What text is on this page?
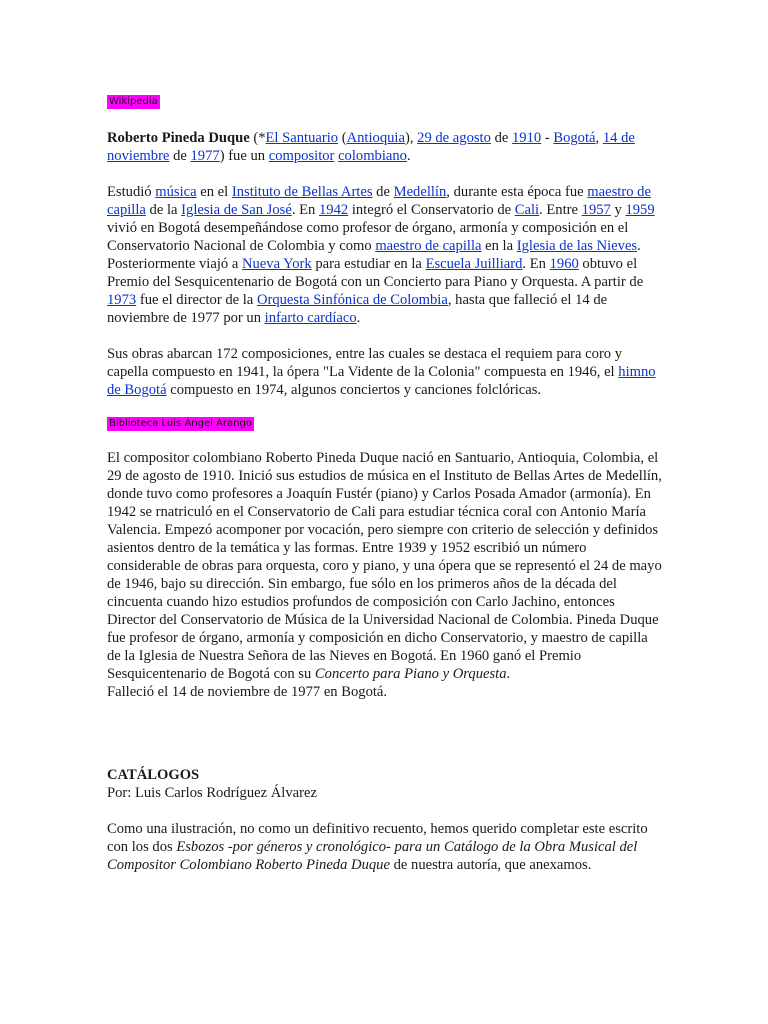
Wikipedia

Roberto Pineda Duque (*El Santuario (Antioquia), 29 de agosto de 1910 - Bogotá, 14 de noviembre de 1977) fue un compositor colombiano.

Estudió música en el Instituto de Bellas Artes de Medellín, durante esta época fue maestro de capilla de la Iglesia de San José. En 1942 integró el Conservatorio de Cali. Entre 1957 y 1959 vivió en Bogotá desempeñándose como profesor de órgano, armonía y composición en el Conservatorio Nacional de Colombia y como maestro de capilla en la Iglesia de las Nieves. Posteriormente viajó a Nueva York para estudiar en la Escuela Juilliard. En 1960 obtuvo el Premio del Sesquicentenario de Bogotá con un Concierto para Piano y Orquesta. A partir de 1973 fue el director de la Orquesta Sinfónica de Colombia, hasta que falleció el 14 de noviembre de 1977 por un infarto cardíaco.

Sus obras abarcan 172 composiciones, entre las cuales se destaca el requiem para coro y capella compuesto en 1941, la ópera "La Vidente de la Colonia" compuesta en 1946, el himno de Bogotá compuesto en 1974, algunos conciertos y canciones folclóricas.

Biblioteca Luis Ángel Arango

El compositor colombiano Roberto Pineda Duque nació en Santuario, Antioquia, Colombia, el 29 de agosto de 1910. Inició sus estudios de música en el Instituto de Bellas Artes de Medellín, donde tuvo como profesores a Joaquín Fustér (piano) y Carlos Posada Amador (armonía). En 1942 se rnatriculó en el Conservatorio de Cali para estudiar técnica coral con Antonio María Valencia. Empezó acomponer por vocación, pero siempre con criterio de selección y definidos asientos dentro de la temática y las formas. Entre 1939 y 1952 escribió un número considerable de obras para orquesta, coro y piano, y una ópera que se representó el 24 de mayo de 1946, bajo su dirección. Sin embargo, fue sólo en los primeros años de la década del cincuenta cuando hizo estudios profundos de composición con Carlo Jachino, entonces Director del Conservatorio de Música de la Universidad Nacional de Colombia. Pineda Duque fue profesor de órgano, armonía y composición en dicho Conservatorio, y maestro de capilla de la Iglesia de Nuestra Señora de las Nieves en Bogotá. En 1960 ganó el Premio Sesquicentenario de Bogotá con su Concerto para Piano y Orquesta.

Falleció el 14 de noviembre de 1977 en Bogotá.

CATÁLOGOS

Por: Luis Carlos Rodríguez Álvarez

Como una ilustración, no como un definitivo recuento, hemos querido completar este escrito con los dos Esbozos -por géneros y cronológico- para un Catálogo de la Obra Musical del Compositor Colombiano Roberto Pineda Duque de nuestra autoría, que anexamos.
